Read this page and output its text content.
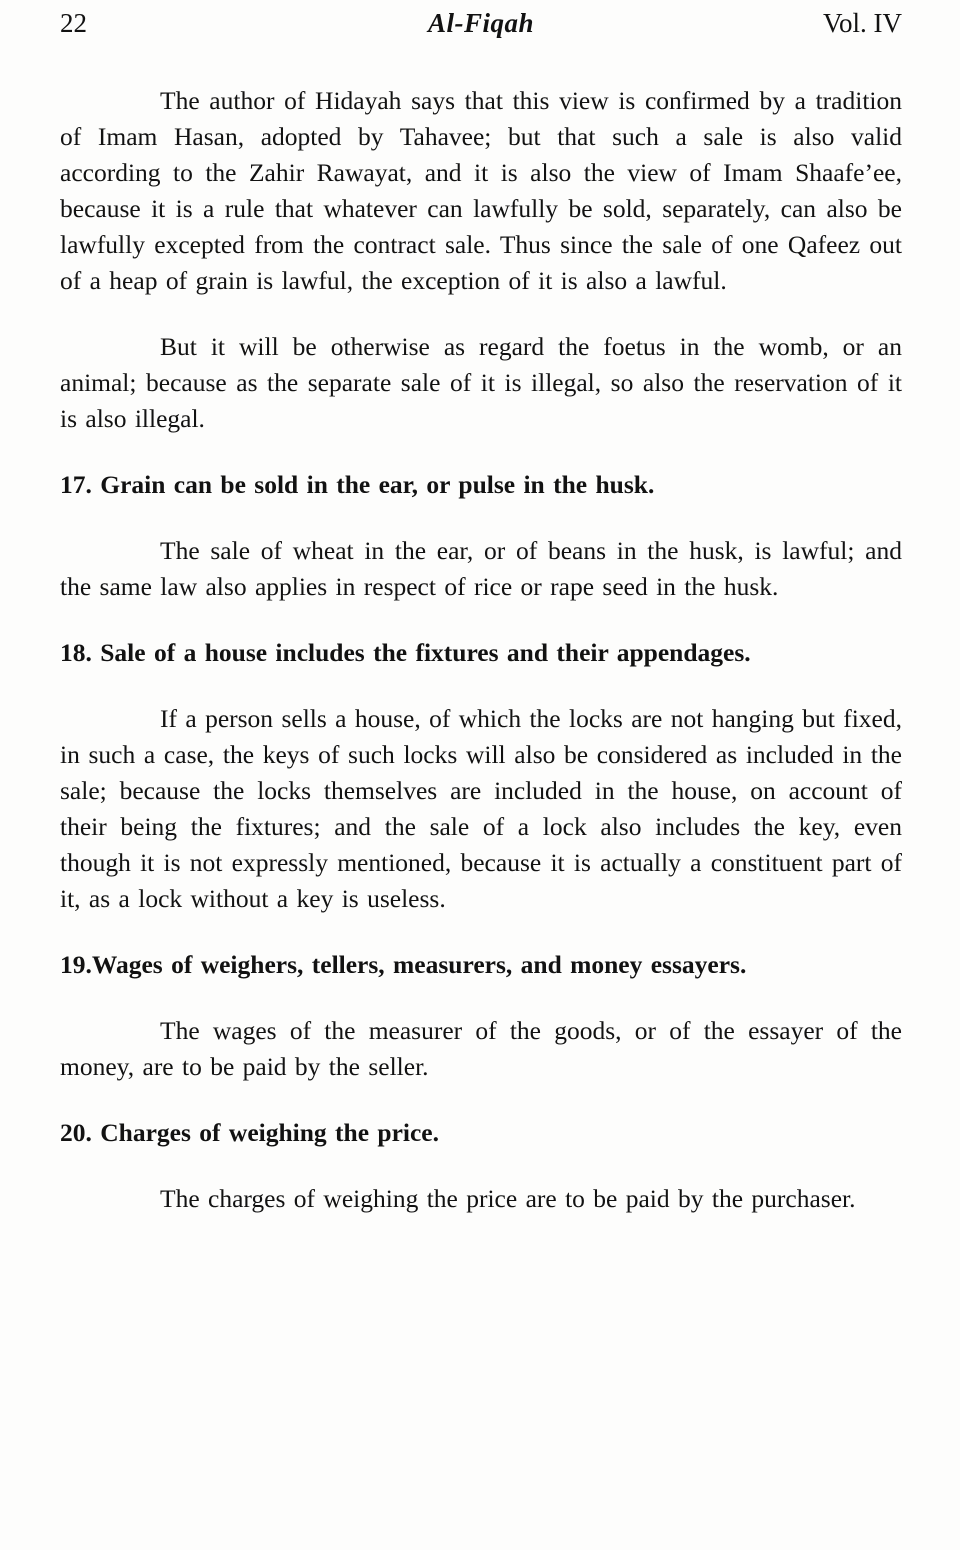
22	Al-Fiqah	Vol. IV

The author of Hidayah says that this view is confirmed by a tradition of Imam Hasan, adopted by Tahavee; but that such a sale is also valid according to the Zahir Rawayat, and it is also the view of Imam Shaafe’ee, because it is a rule that whatever can lawfully be sold, separately, can also be lawfully excepted from the contract sale. Thus since the sale of one Qafeez out of a heap of grain is lawful, the exception of it is also a lawful.

But it will be otherwise as regard the foetus in the womb, or an animal; because as the separate sale of it is illegal, so also the reservation of it is also illegal.

17. Grain can be sold in the ear, or pulse in the husk.

The sale of wheat in the ear, or of beans in the husk, is lawful; and the same law also applies in respect of rice or rape seed in the husk.

18. Sale of a house includes the fixtures and their appendages.

If a person sells a house, of which the locks are not hanging but fixed, in such a case, the keys of such locks will also be considered as included in the sale; because the locks themselves are included in the house, on account of their being the fixtures; and the sale of a lock also includes the key, even though it is not expressly mentioned, because it is actually a constituent part of it, as a lock without a key is useless.

19.Wages of weighers, tellers, measurers, and money essayers.

The wages of the measurer of the goods, or of the essayer of the money, are to be paid by the seller.

20. Charges of weighing the price.

The charges of weighing the price are to be paid by the purchaser.
